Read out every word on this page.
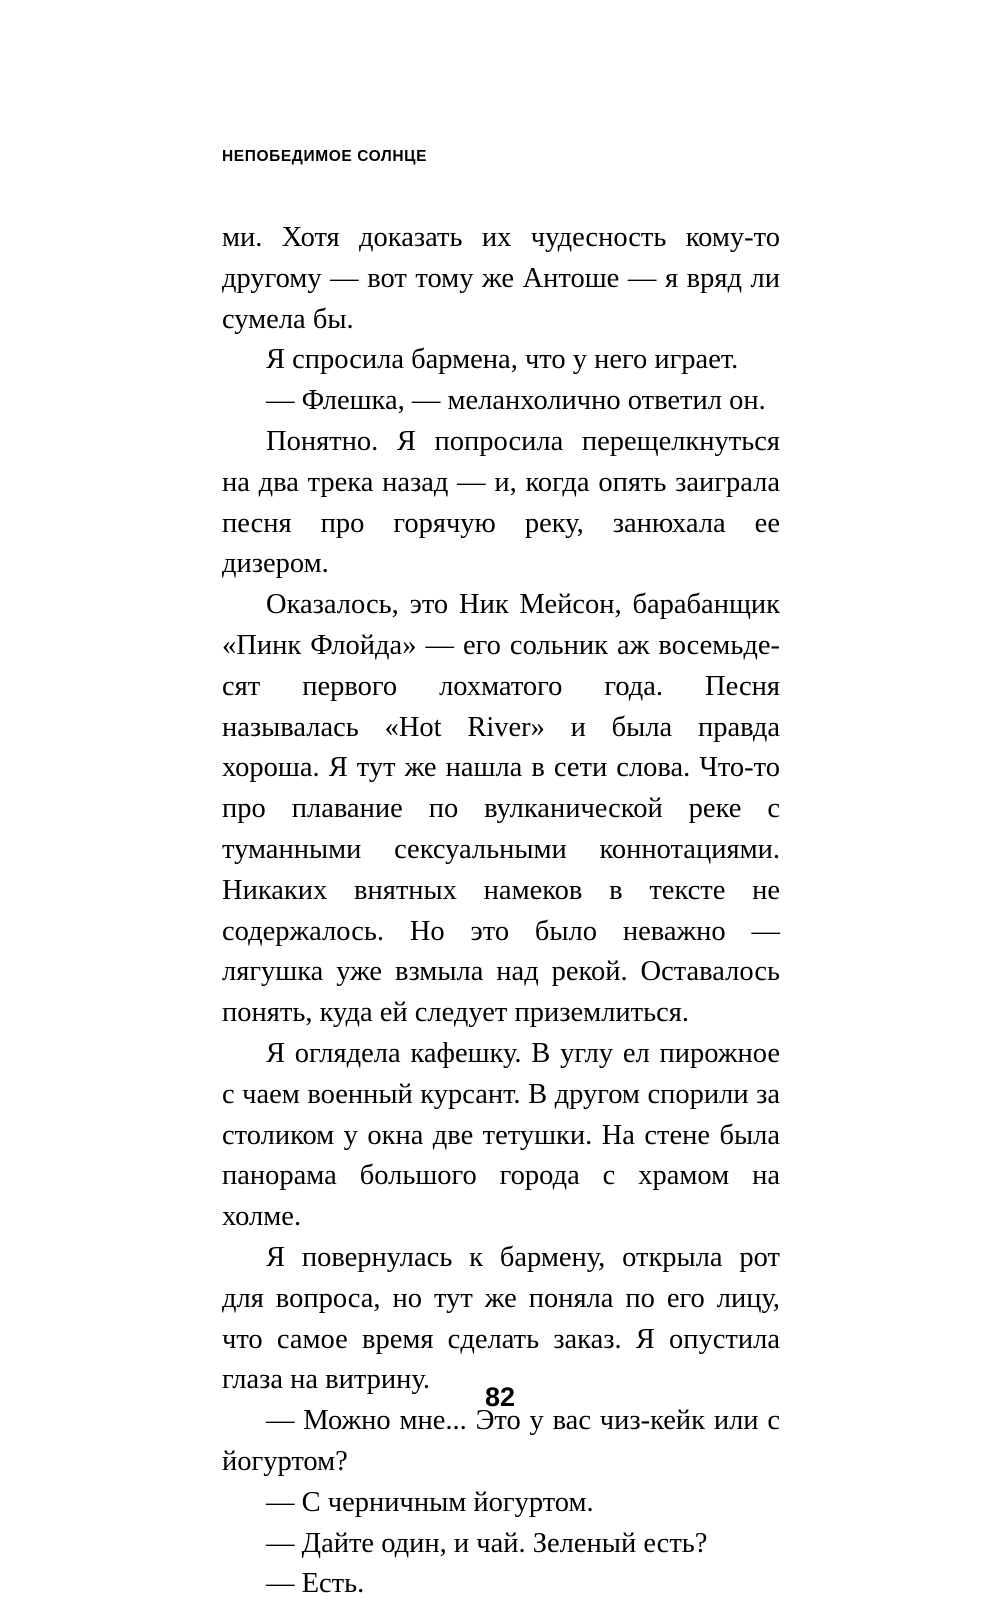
НЕПОБЕДИМОЕ СОЛНЦЕ

ми. Хотя доказать их чудесность кому-то другому — вот тому же Антоше — я вряд ли сумела бы.

Я спросила бармена, что у него играет.

— Флешка, — меланхолично ответил он.

Понятно. Я попросила перещелкнуться на два трека назад — и, когда опять заиграла песня про горячую реку, занюхала ее дизером.

Оказалось, это Ник Мейсон, барабанщик «Пинк Флойда» — его сольник аж восемьдесят первого лохматого года. Песня называлась «Hot River» и была правда хороша. Я тут же нашла в сети слова. Что-то про плавание по вулканической реке с туманными сексуальными коннотациями. Никаких внятных намеков в тексте не содержалось. Но это было неважно — лягушка уже взмыла над рекой. Оставалось понять, куда ей следует приземлиться.

Я оглядела кафешку. В углу ел пирожное с чаем военный курсант. В другом спорили за столиком у окна две тетушки. На стене была панорама большого города с храмом на холме.

Я повернулась к бармену, открыла рот для вопроса, но тут же поняла по его лицу, что самое время сделать заказ. Я опустила глаза на витрину.

— Можно мне... Это у вас чиз-кейк или с йогуртом?

— С черничным йогуртом.

— Дайте один, и чай. Зеленый есть?

— Есть.

82
